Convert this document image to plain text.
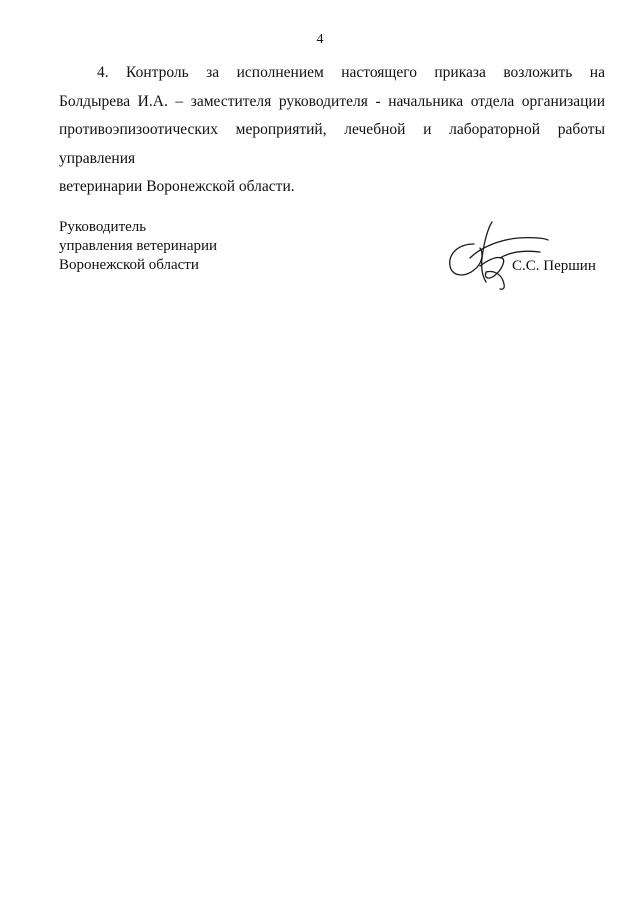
4
4. Контроль за исполнением настоящего приказа возложить на
Болдырева И.А. – заместителя руководителя - начальника отдела организации
противоэпизоотических мероприятий, лечебной и лабораторной работы управления
ветеринарии Воронежской области.
Руководитель
управления ветеринарии
Воронежской области	С.С. Першин
